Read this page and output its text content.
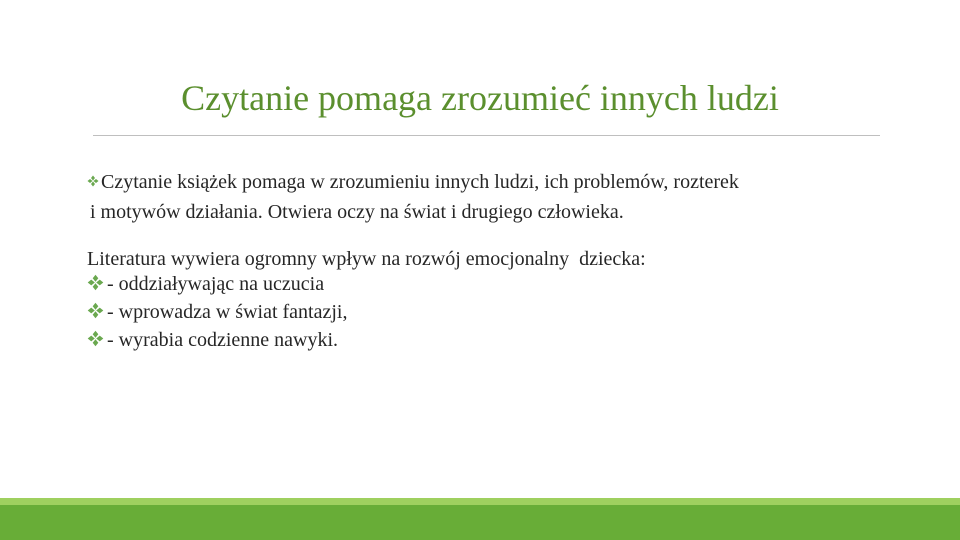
Czytanie pomaga zrozumieć innych ludzi

Czytanie książek pomaga w zrozumieniu innych ludzi, ich problemów, rozterek
i motywów działania. Otwiera oczy na świat i drugiego człowieka.

Literatura wywiera ogromny wpływ na rozwój emocjonalny  dziecka:

- oddziaływając na uczucia
- wprowadza w świat fantazji,
- wyrabia codzienne nawyki.
